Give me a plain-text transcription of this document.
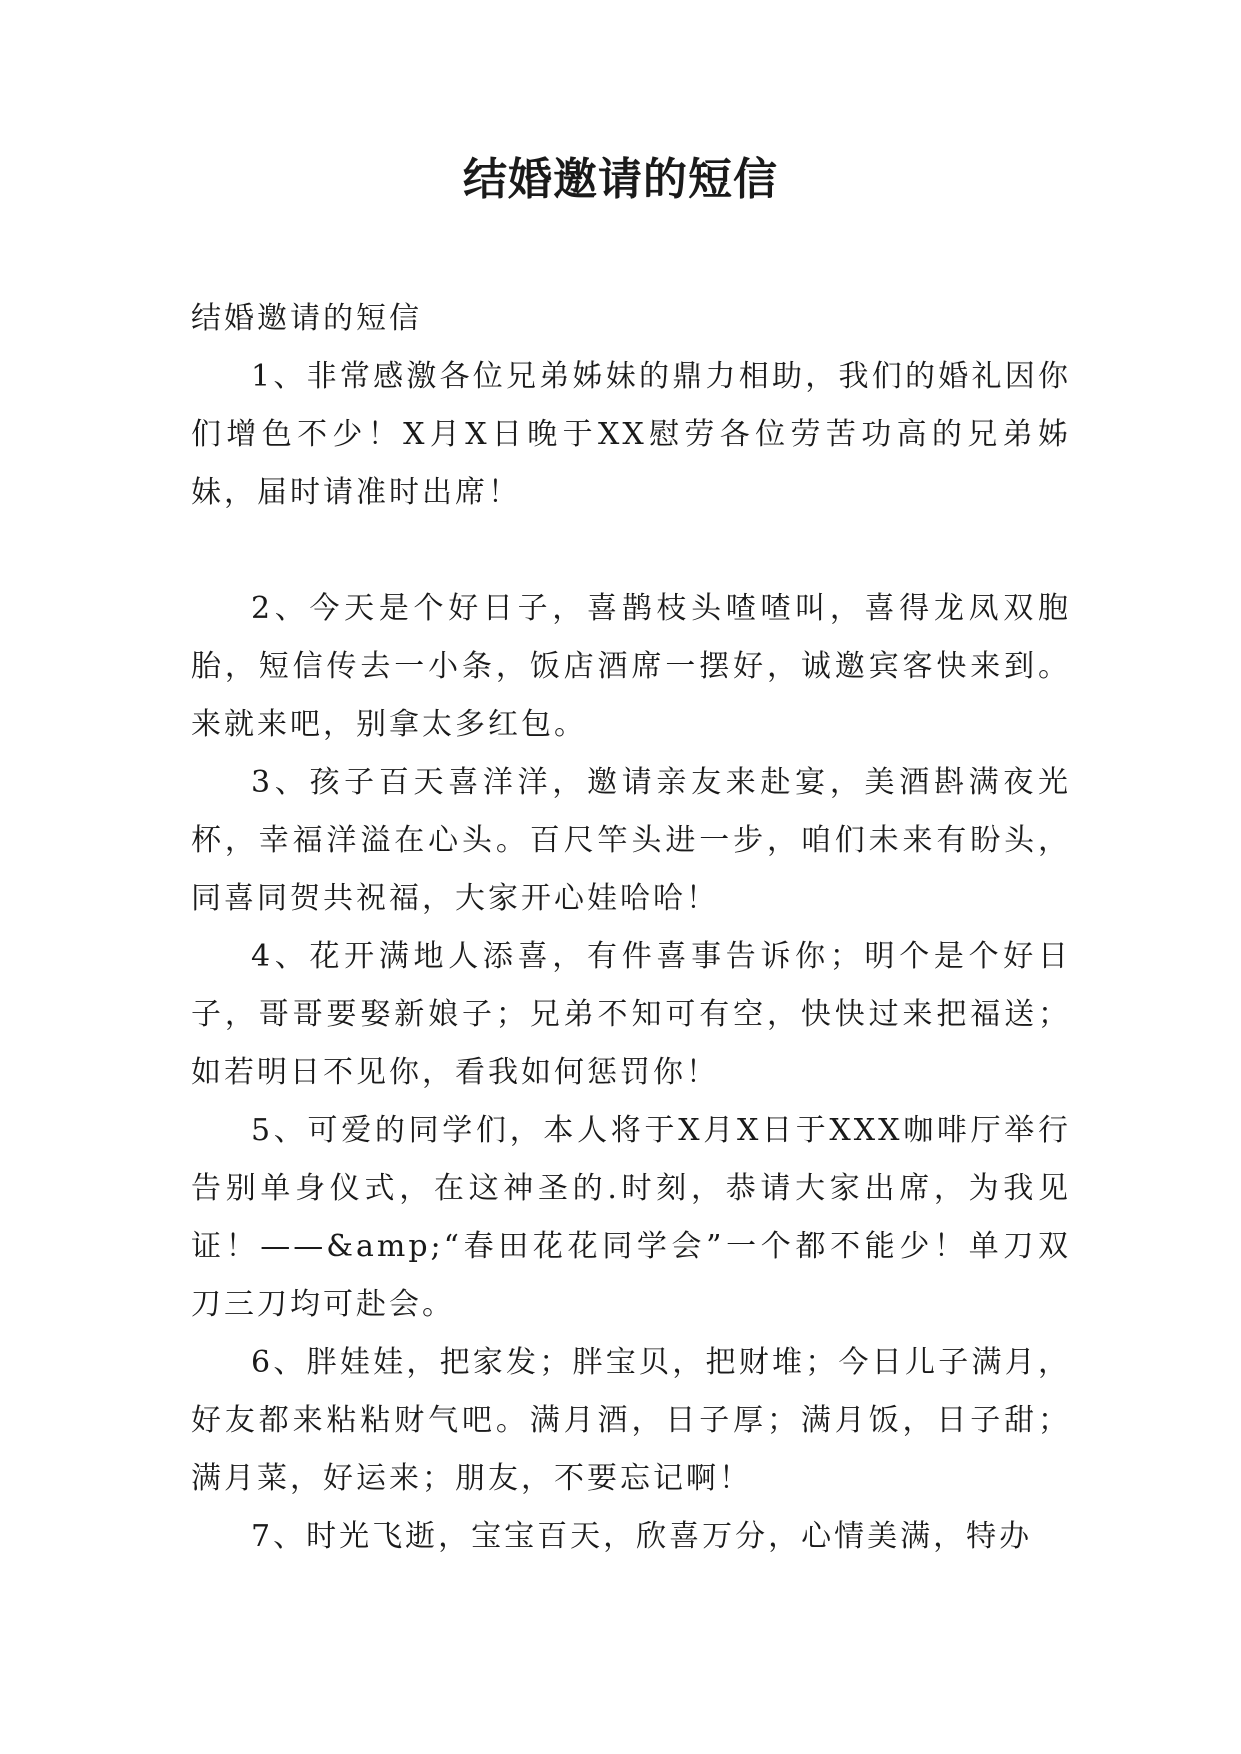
结婚邀请的短信

结婚邀请的短信

1、非常感激各位兄弟姊妹的鼎力相助，我们的婚礼因你们增色不少！X月X日晚于XX慰劳各位劳苦功高的兄弟姊妹，届时请准时出席！

2、今天是个好日子，喜鹊枝头喳喳叫，喜得龙凤双胞胎，短信传去一小条，饭店酒席一摆好，诚邀宾客快来到。来就来吧，别拿太多红包。

3、孩子百天喜洋洋，邀请亲友来赴宴，美酒斟满夜光杯，幸福洋溢在心头。百尺竿头进一步，咱们未来有盼头，同喜同贺共祝福，大家开心娃哈哈！

4、花开满地人添喜，有件喜事告诉你；明个是个好日子，哥哥要娶新娘子；兄弟不知可有空，快快过来把福送；如若明日不见你，看我如何惩罚你！

5、可爱的同学们，本人将于X月X日于XXX咖啡厅举行告别单身仪式，在这神圣的.时刻，恭请大家出席，为我见证！——&amp;“春田花花同学会”一个都不能少！单刀双刀三刀均可赴会。

6、胖娃娃，把家发；胖宝贝，把财堆；今日儿子满月，好友都来粘粘财气吧。满月酒，日子厚；满月饭，日子甜；满月菜，好运来；朋友，不要忘记啊！

7、时光飞逝，宝宝百天，欣喜万分，心情美满，特办
